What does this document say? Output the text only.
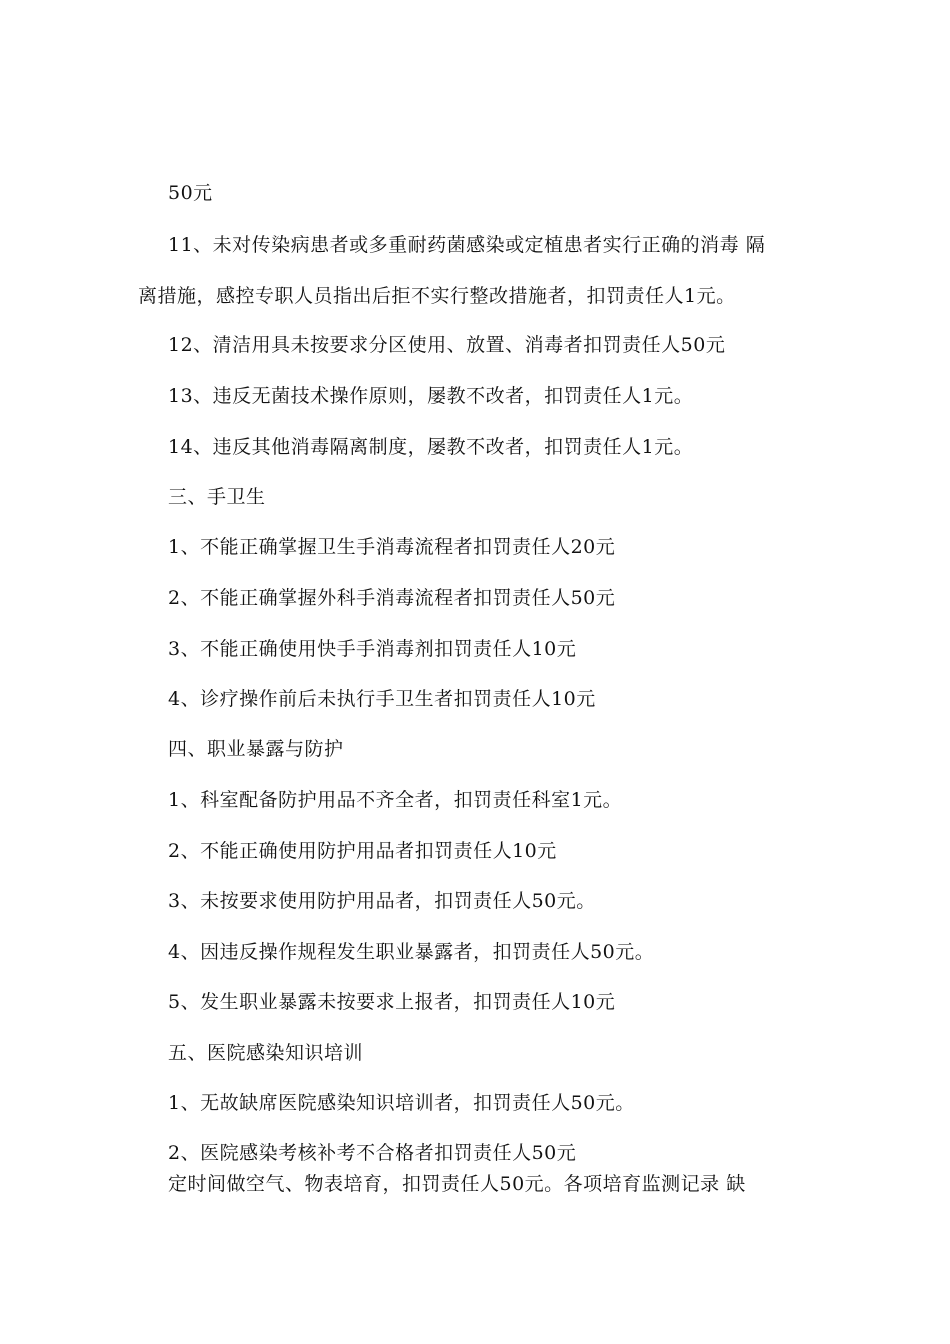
50元
11、未对传染病患者或多重耐药菌感染或定植患者实行正确的消毒 隔
离措施，感控专职人员指出后拒不实行整改措施者，扣罚责任人1元。
12、清洁用具未按要求分区使用、放置、消毒者扣罚责任人50元
13、违反无菌技术操作原则，屡教不改者，扣罚责任人1元。
14、违反其他消毒隔离制度，屡教不改者，扣罚责任人1元。
三、手卫生
1、不能正确掌握卫生手消毒流程者扣罚责任人20元
2、不能正确掌握外科手消毒流程者扣罚责任人50元
3、不能正确使用快手手消毒剂扣罚责任人10元
4、诊疗操作前后未执行手卫生者扣罚责任人10元
四、职业暴露与防护
1、科室配备防护用品不齐全者，扣罚责任科室1元。
2、不能正确使用防护用品者扣罚责任人10元
3、未按要求使用防护用品者，扣罚责任人50元。
4、因违反操作规程发生职业暴露者，扣罚责任人50元。
5、发生职业暴露未按要求上报者，扣罚责任人10元
五、医院感染知识培训
1、无故缺席医院感染知识培训者，扣罚责任人50元。
2、医院感染考核补考不合格者扣罚责任人50元
定时间做空气、物表培育，扣罚责任人50元。各项培育监测记录 缺
